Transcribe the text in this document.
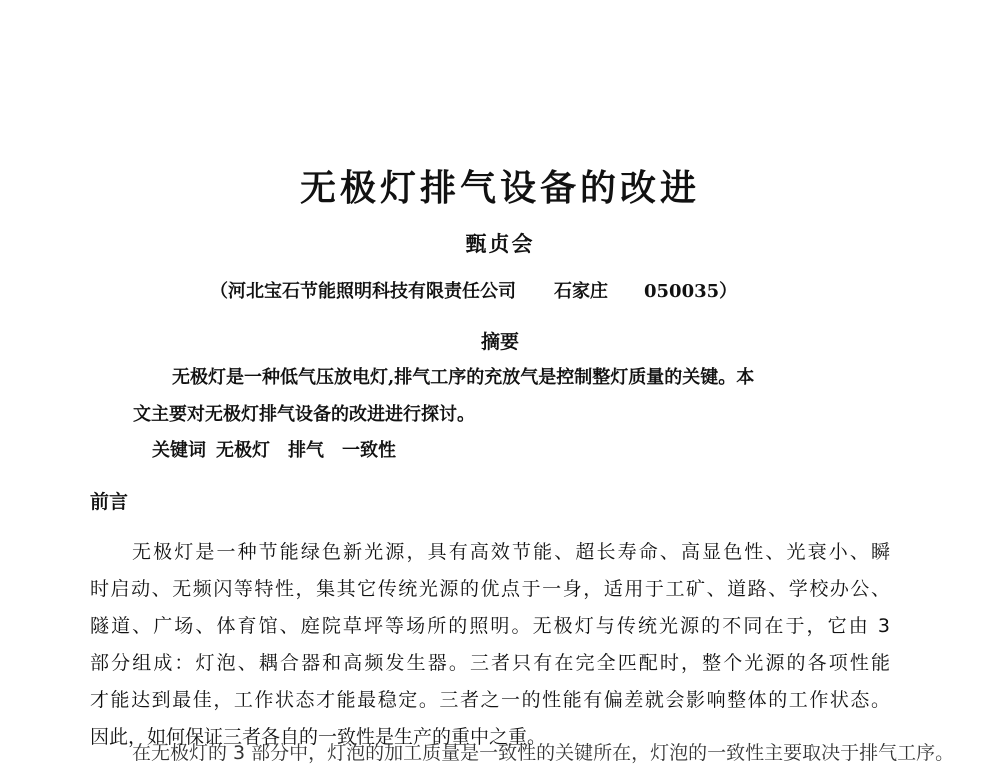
无极灯排气设备的改进
甄贞会
（河北宝石节能照明科技有限责任公司 石家庄 050035）
摘要
无极灯是一种低气压放电灯,排气工序的充放气是控制整灯质量的关键。本
文主要对无极灯排气设备的改进进行探讨。
关键词 无极灯 排气 一致性
前言
无极灯是一种节能绿色新光源，具有高效节能、超长寿命、高显色性、光衰小、瞬
时启动、无频闪等特性，集其它传统光源的优点于一身，适用于工矿、道路、学校办公、
隧道、广场、体育馆、庭院草坪等场所的照明。无极灯与传统光源的不同在于，它由 3
部分组成：灯泡、耦合器和高频发生器。三者只有在完全匹配时，整个光源的各项性能
才能达到最佳，工作状态才能最稳定。三者之一的性能有偏差就会影响整体的工作状态。
因此，如何保证三者各自的一致性是生产的重中之重。
在无极灯的 3 部分中，灯泡的加工质量是一致性的关键所在，灯泡的一致性主要取决于排气工序。
